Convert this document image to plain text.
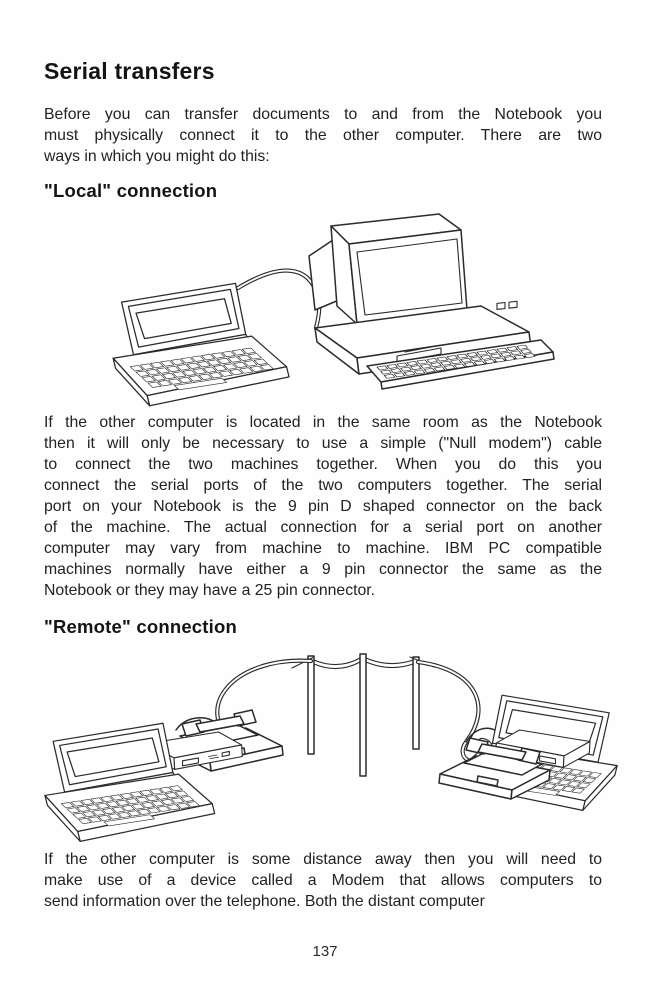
Serial transfers
Before you can transfer documents to and from the Notebook you
must physically connect it to the other computer. There are two
ways in which you might do this:
"Local" connection
If the other computer is located in the same room as the Notebook
then it will only be necessary to use a simple ("Null modem") cable
to connect the two machines together. When you do this you
connect the serial ports of the two computers together. The serial
port on your Notebook is the 9 pin D shaped connector on the back
of the machine. The actual connection for a serial port on another
computer may vary from machine to machine. IBM PC compatible
machines normally have either a 9 pin connector the same as the
Notebook or they may have a 25 pin connector.
"Remote" connection
If the other computer is some distance away then you will need to
make use of a device called a Modem that allows computers to
send information over the telephone. Both the distant computer
137
